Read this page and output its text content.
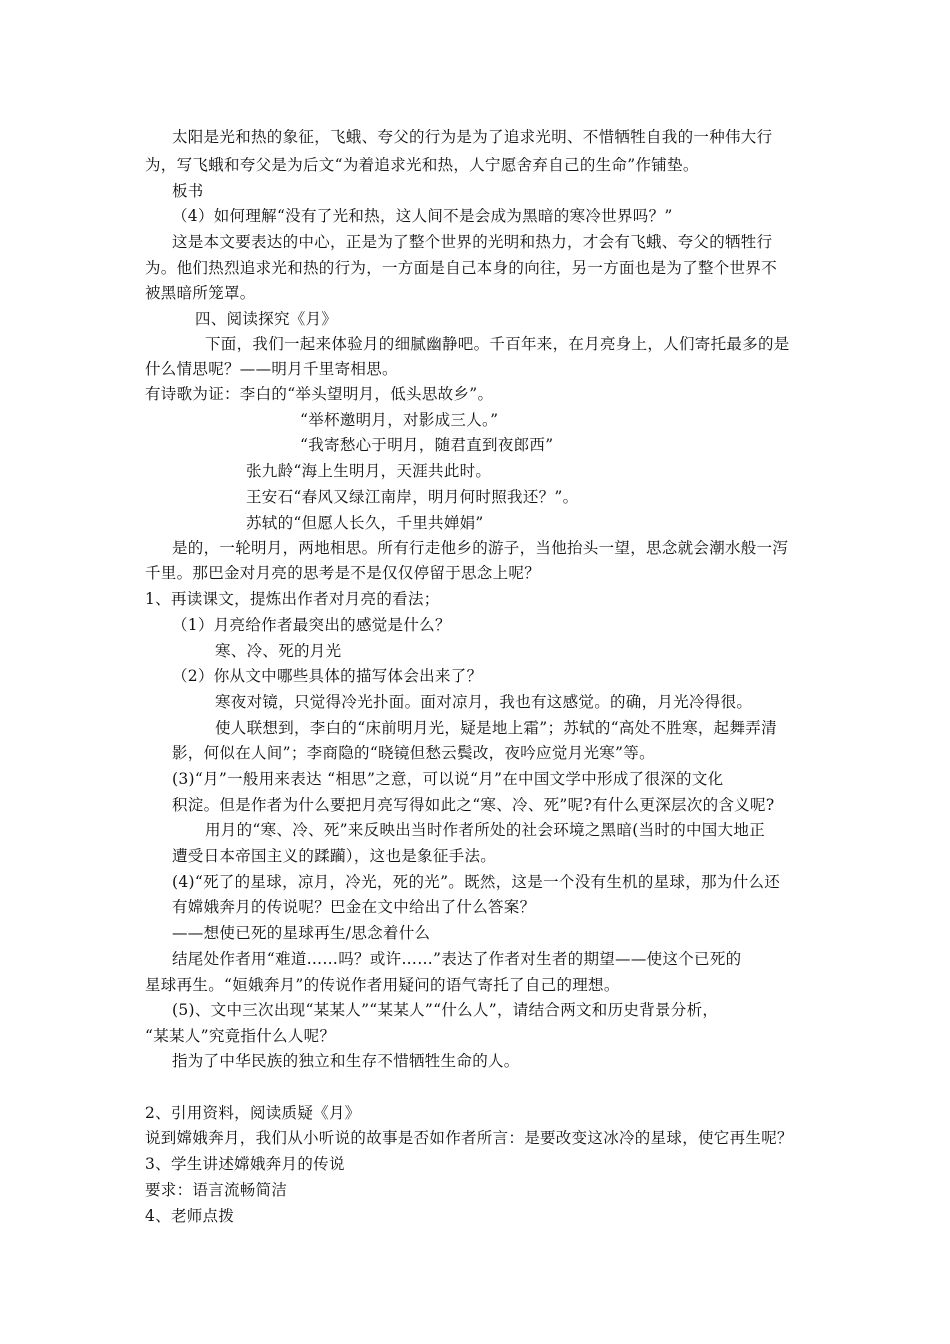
太阳是光和热的象征，飞蛾、夸父的行为是为了追求光明、不惜牺牲自我的一种伟大行
为，写飞蛾和夸父是为后文“为着追求光和热，人宁愿舍弃自己的生命”作铺垫。
板书
（4）如何理解“没有了光和热，这人间不是会成为黑暗的寒冷世界吗？”
这是本文要表达的中心，正是为了整个世界的光明和热力，才会有飞蛾、夸父的牺牲行
为。他们热烈追求光和热的行为，一方面是自己本身的向往，另一方面也是为了整个世界不
被黑暗所笼罩。
四、阅读探究《月》
下面，我们一起来体验月的细腻幽静吧。千百年来，在月亮身上，人们寄托最多的是
什么情思呢？——明月千里寄相思。
有诗歌为证：李白的“举头望明月，低头思故乡”。
“举杯邀明月，对影成三人。”
“我寄愁心于明月，随君直到夜郎西”
张九龄“海上生明月，天涯共此时。
王安石“春风又绿江南岸，明月何时照我还？”。
苏轼的“但愿人长久，千里共婵娟”
是的，一轮明月，两地相思。所有行走他乡的游子，当他抬头一望，思念就会潮水般一泻
千里。那巴金对月亮的思考是不是仅仅停留于思念上呢？
1、再读课文，提炼出作者对月亮的看法；
（1）月亮给作者最突出的感觉是什么？
寒、冷、死的月光
（2）你从文中哪些具体的描写体会出来了？
寒夜对镜，只觉得冷光扑面。面对凉月，我也有这感觉。的确，月光冷得很。
使人联想到，李白的“床前明月光，疑是地上霜”；苏轼的“高处不胜寒，起舞弄清
影，何似在人间”；李商隐的“晓镜但愁云鬓改，夜吟应觉月光寒”等。
(3)“月”一般用来表达 “相思”之意，可以说“月”在中国文学中形成了很深的文化
积淀。但是作者为什么要把月亮写得如此之“寒、冷、死”呢?有什么更深层次的含义呢?
用月的“寒、冷、死”来反映出当时作者所处的社会环境之黑暗(当时的中国大地正
遭受日本帝国主义的蹂躏），这也是象征手法。
(4)“死了的星球，凉月，冷光，死的光”。既然，这是一个没有生机的星球，那为什么还
有嫦娥奔月的传说呢？巴金在文中给出了什么答案？
——想使已死的星球再生/思念着什么
结尾处作者用“难道……吗？或许……”表达了作者对生者的期望——使这个已死的
星球再生。“姮娥奔月”的传说作者用疑问的语气寄托了自己的理想。
(5)、文中三次出现“某某人”“某某人”“什么人”，请结合两文和历史背景分析，
“某某人”究竟指什么人呢？
指为了中华民族的独立和生存不惜牺牲生命的人。
2、引用资料，阅读质疑《月》
说到嫦娥奔月，我们从小听说的故事是否如作者所言：是要改变这冰冷的星球，使它再生呢？
3、学生讲述嫦娥奔月的传说
要求：语言流畅简洁
4、老师点拨
